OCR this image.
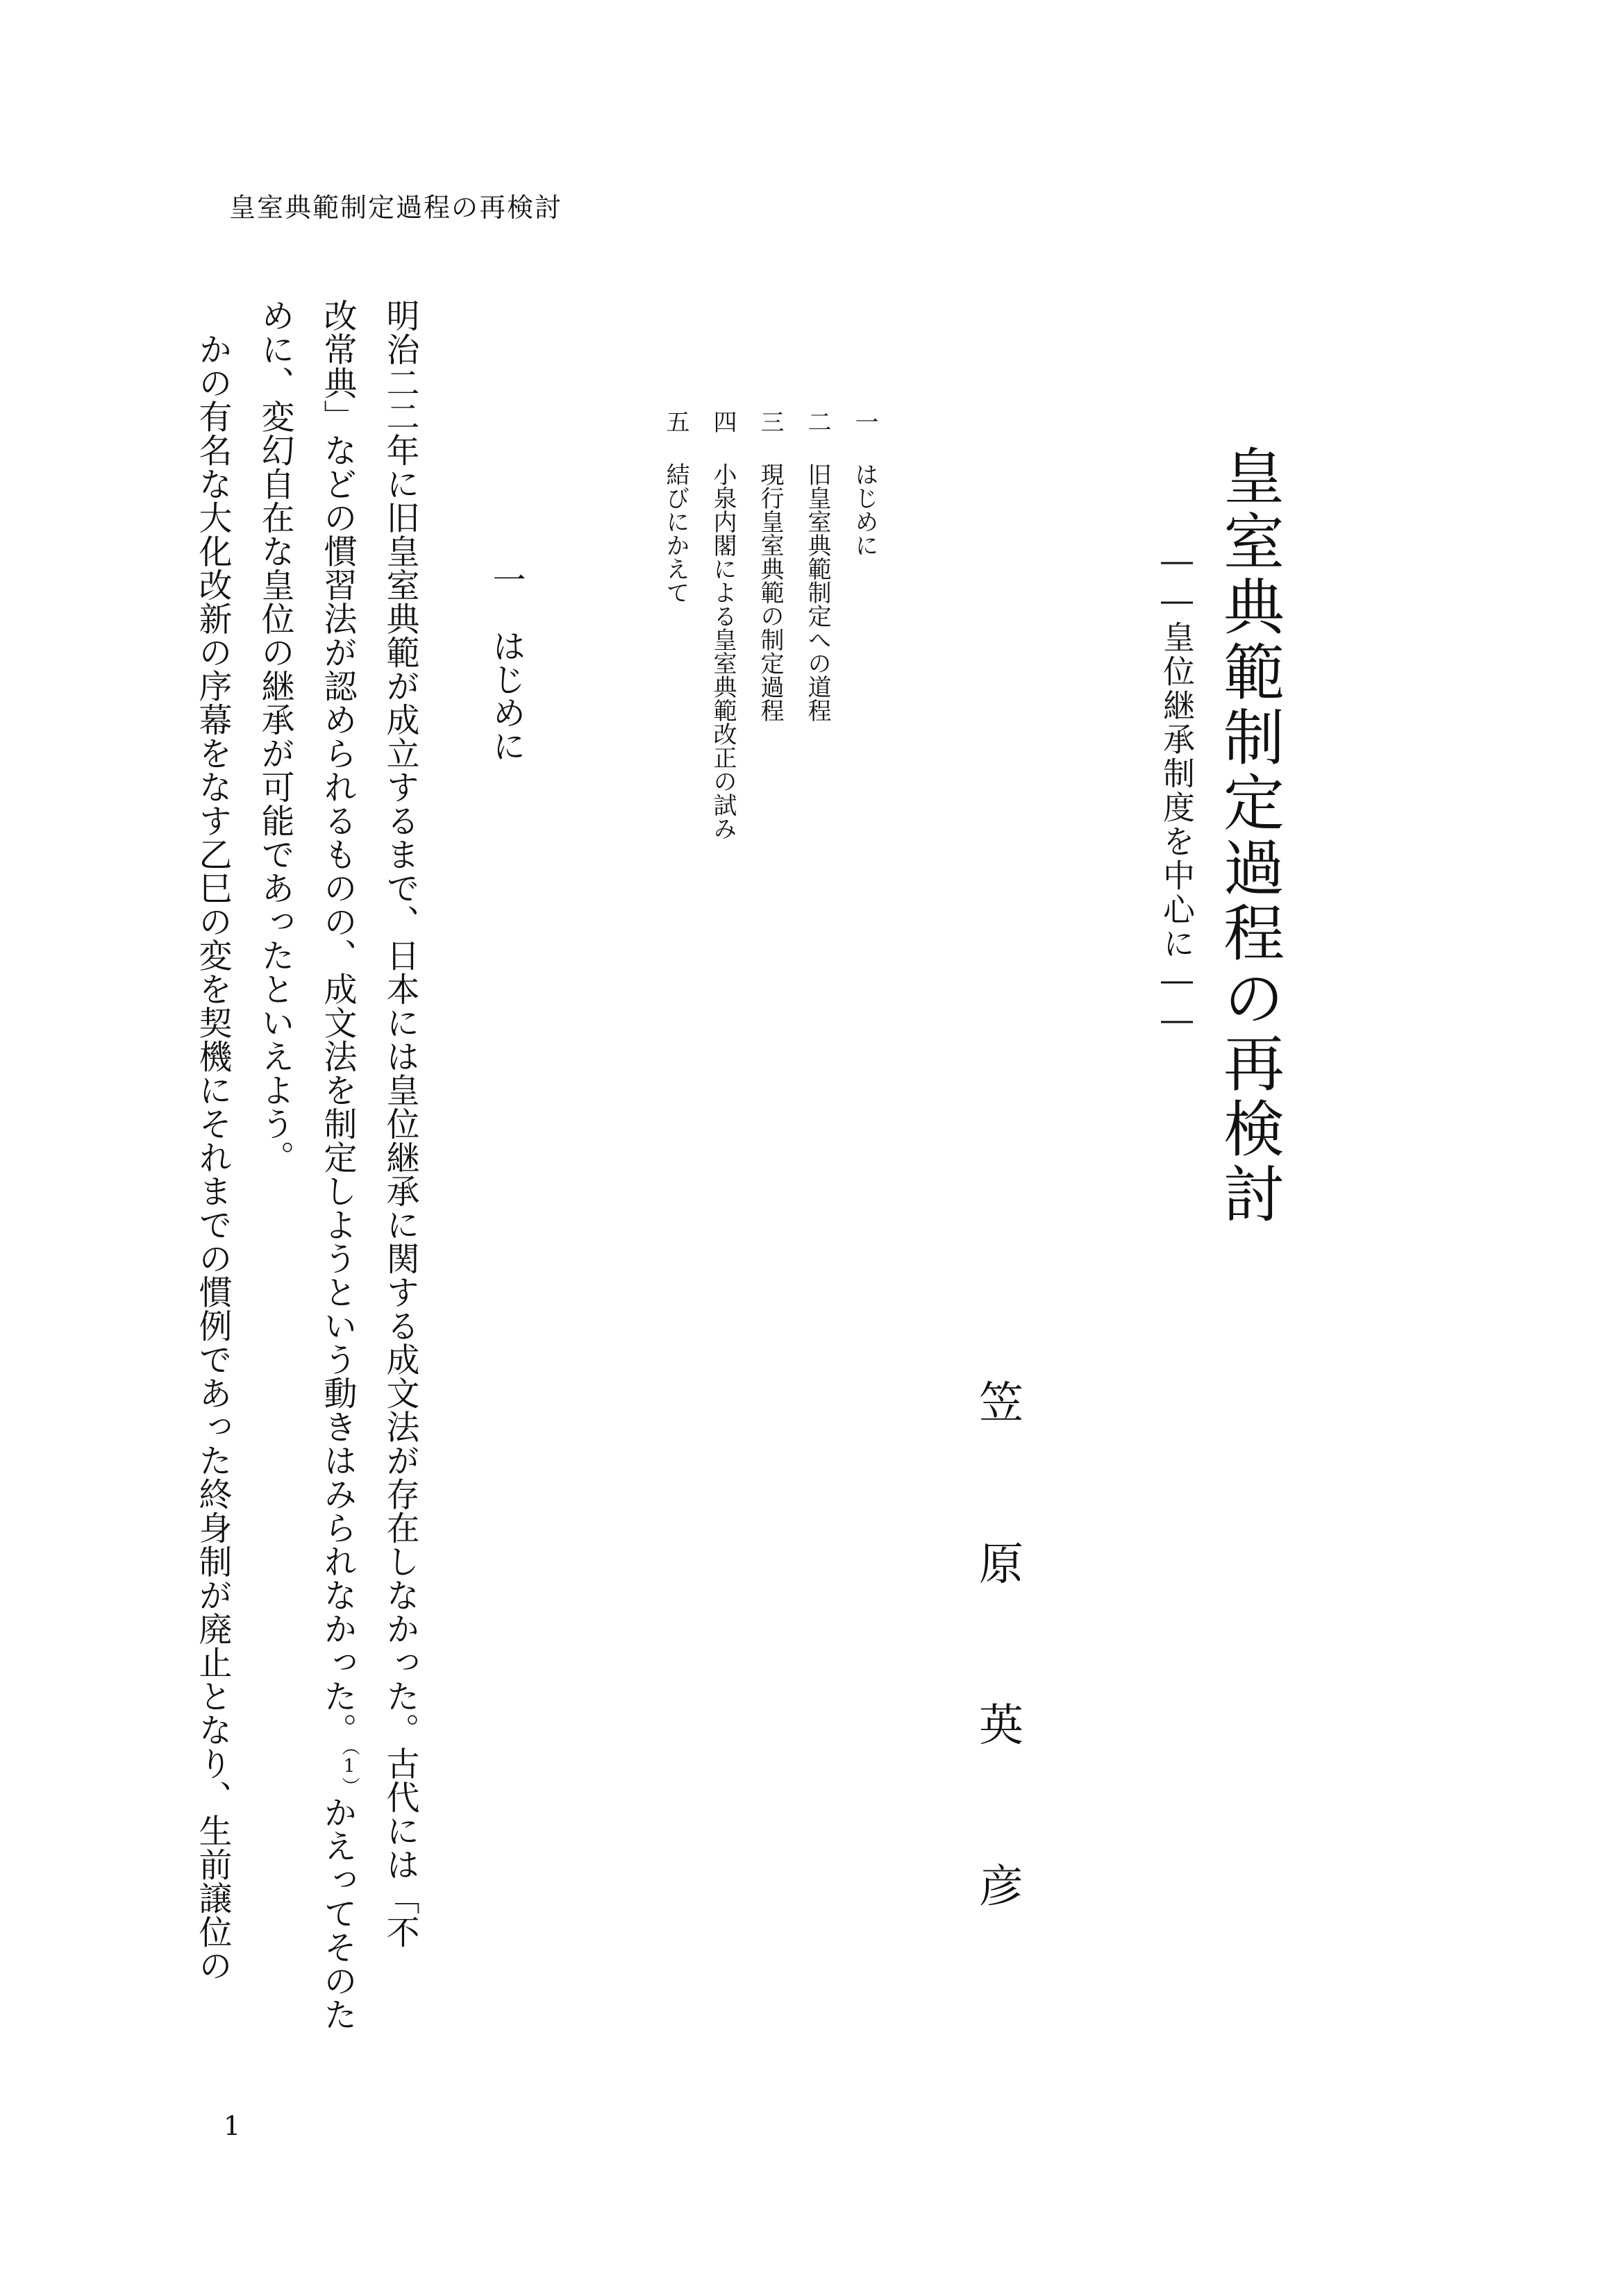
皇室典範制定過程の再検討
皇室典範制定過程の再検討
――皇位継承制度を中心に――
一はじめに
二旧皇室典範制定への道程
三現行皇室典範の制定過程
四小泉内閣による皇室典範改正の試み
五結びにかえて
笠
原
英
彦
一はじめに
明治二二年に旧皇室典範が成立するまで、日本には皇位継承に関する成文法が存在しなかった。古代には「不
改常典」などの慣習法が認められるものの、成文法を制定しようという動きはみられなかった。$^{(1)}$かえってそのた
めに、変幻自在な皇位の継承が可能であったといえよう。
　かの有名な大化改新の序幕をなす乙巳の変を契機にそれまでの慣例であった終身制が廃止となり、生前譲位の
1
